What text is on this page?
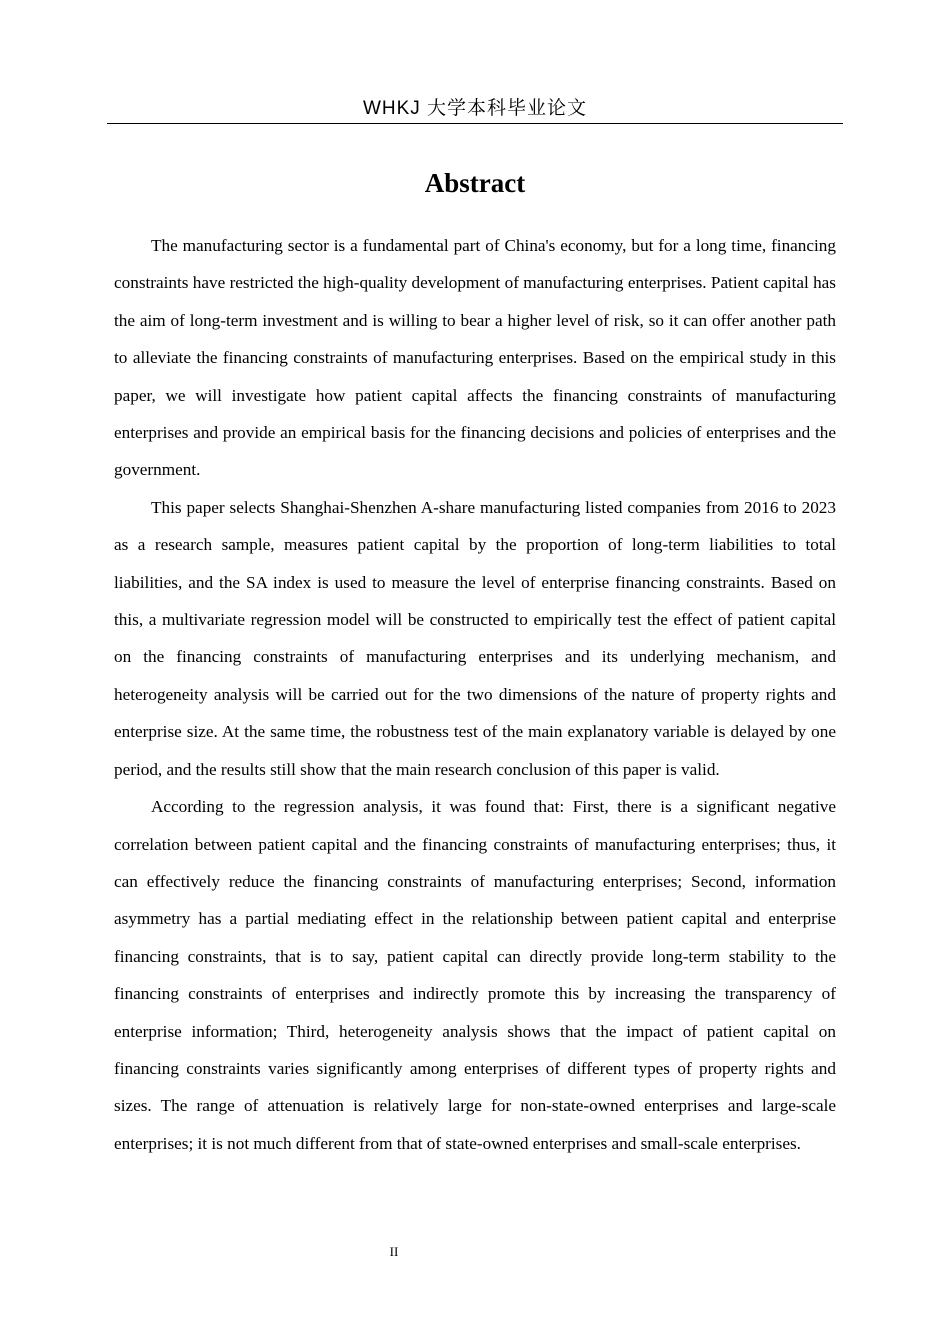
WHKJ 大学本科毕业论文
Abstract

The manufacturing sector is a fundamental part of China's economy, but for a long time, financing constraints have restricted the high-quality development of manufacturing enterprises. Patient capital has the aim of long-term investment and is willing to bear a higher level of risk, so it can offer another path to alleviate the financing constraints of manufacturing enterprises. Based on the empirical study in this paper, we will investigate how patient capital affects the financing constraints of manufacturing enterprises and provide an empirical basis for the financing decisions and policies of enterprises and the government.

This paper selects Shanghai-Shenzhen A-share manufacturing listed companies from 2016 to 2023 as a research sample, measures patient capital by the proportion of long-term liabilities to total liabilities, and the SA index is used to measure the level of enterprise financing constraints. Based on this, a multivariate regression model will be constructed to empirically test the effect of patient capital on the financing constraints of manufacturing enterprises and its underlying mechanism, and heterogeneity analysis will be carried out for the two dimensions of the nature of property rights and enterprise size. At the same time, the robustness test of the main explanatory variable is delayed by one period, and the results still show that the main research conclusion of this paper is valid.

According to the regression analysis, it was found that: First, there is a significant negative correlation between patient capital and the financing constraints of manufacturing enterprises; thus, it can effectively reduce the financing constraints of manufacturing enterprises; Second, information asymmetry has a partial mediating effect in the relationship between patient capital and enterprise financing constraints, that is to say, patient capital can directly provide long-term stability to the financing constraints of enterprises and indirectly promote this by increasing the transparency of enterprise information; Third, heterogeneity analysis shows that the impact of patient capital on financing constraints varies significantly among enterprises of different types of property rights and sizes. The range of attenuation is relatively large for non-state-owned enterprises and large-scale enterprises; it is not much different from that of state-owned enterprises and small-scale enterprises.

II
